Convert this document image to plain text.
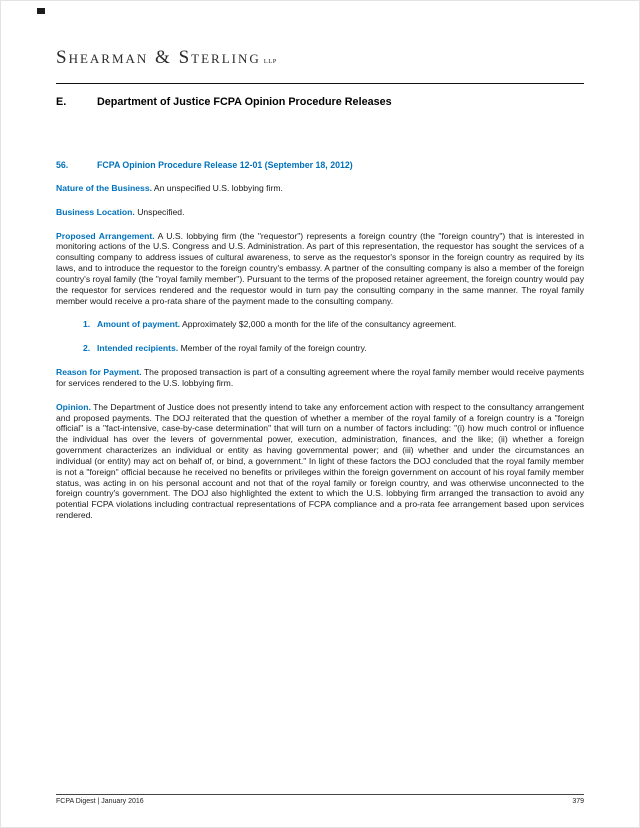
Shearman & Sterling LLP
E.	Department of Justice FCPA Opinion Procedure Releases
56.	FCPA Opinion Procedure Release 12-01 (September 18, 2012)

Nature of the Business. An unspecified U.S. lobbying firm.

Business Location. Unspecified.

Proposed Arrangement. A U.S. lobbying firm (the "requestor") represents a foreign country (the "foreign country") that is interested in monitoring actions of the U.S. Congress and U.S. Administration. As part of this representation, the requestor has sought the services of a consulting company to address issues of cultural awareness, to serve as the requestor's sponsor in the foreign country as required by its laws, and to introduce the requestor to the foreign country's embassy. A partner of the consulting company is also a member of the foreign country's royal family (the "royal family member"). Pursuant to the terms of the proposed retainer agreement, the foreign country would pay the requestor for services rendered and the requestor would in turn pay the consulting company in the same manner. The royal family member would receive a pro-rata share of the payment made to the consulting company.

1. Amount of payment. Approximately $2,000 a month for the life of the consultancy agreement.
2. Intended recipients. Member of the royal family of the foreign country.

Reason for Payment. The proposed transaction is part of a consulting agreement where the royal family member would receive payments for services rendered to the U.S. lobbying firm.

Opinion. The Department of Justice does not presently intend to take any enforcement action with respect to the consultancy arrangement and proposed payments. The DOJ reiterated that the question of whether a member of the royal family of a foreign country is a "foreign official" is a "fact-intensive, case-by-case determination" that will turn on a number of factors including: "(i) how much control or influence the individual has over the levers of governmental power, execution, administration, finances, and the like; (ii) whether a foreign government characterizes an individual or entity as having governmental power; and (iii) whether and under the circumstances an individual (or entity) may act on behalf of, or bind, a government." In light of these factors the DOJ concluded that the royal family member is not a "foreign" official because he received no benefits or privileges within the foreign government on account of his royal family member status, was acting in on his personal account and not that of the royal family or foreign country, and was otherwise unconnected to the foreign country's government. The DOJ also highlighted the extent to which the U.S. lobbying firm arranged the transaction to avoid any potential FCPA violations including contractual representations of FCPA compliance and a pro-rata fee arrangement based upon services rendered.

FCPA Digest | January 2016	379
